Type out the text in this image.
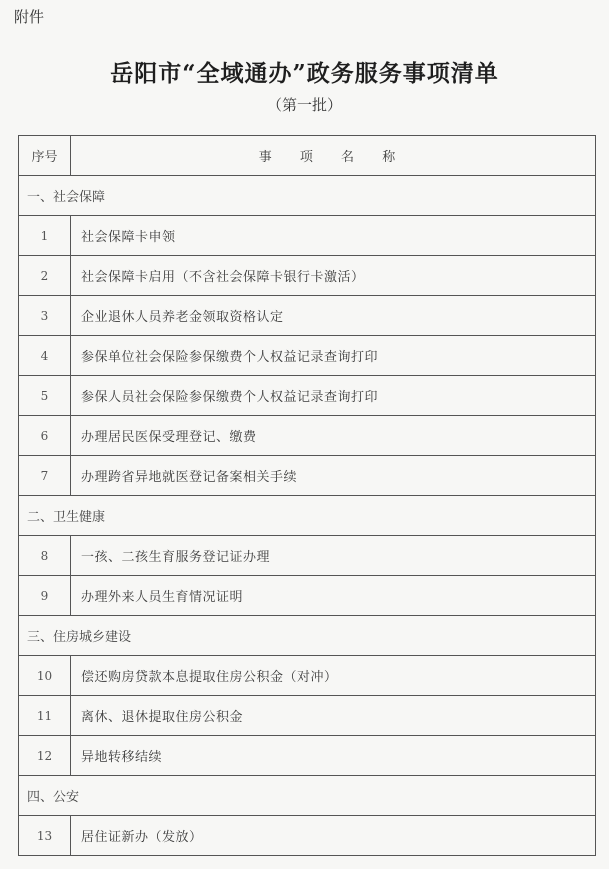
附件
岳阳市“全域通办”政务服务事项清单
（第一批）
序号	事 项 名 称
一、社会保障	
1	社会保障卡申领
2	社会保障卡启用（不含社会保障卡银行卡激活）
3	企业退休人员养老金领取资格认定
4	参保单位社会保险参保缴费个人权益记录查询打印
5	参保人员社会保险参保缴费个人权益记录查询打印
6	办理居民医保受理登记、缴费
7	办理跨省异地就医登记备案相关手续
二、卫生健康	
8	一孩、二孩生育服务登记证办理
9	办理外来人员生育情况证明
三、住房城乡建设	
10	偿还购房贷款本息提取住房公积金（对冲）
11	离休、退休提取住房公积金
12	异地转移结续
四、公安	
13	居住证新办（发放）
